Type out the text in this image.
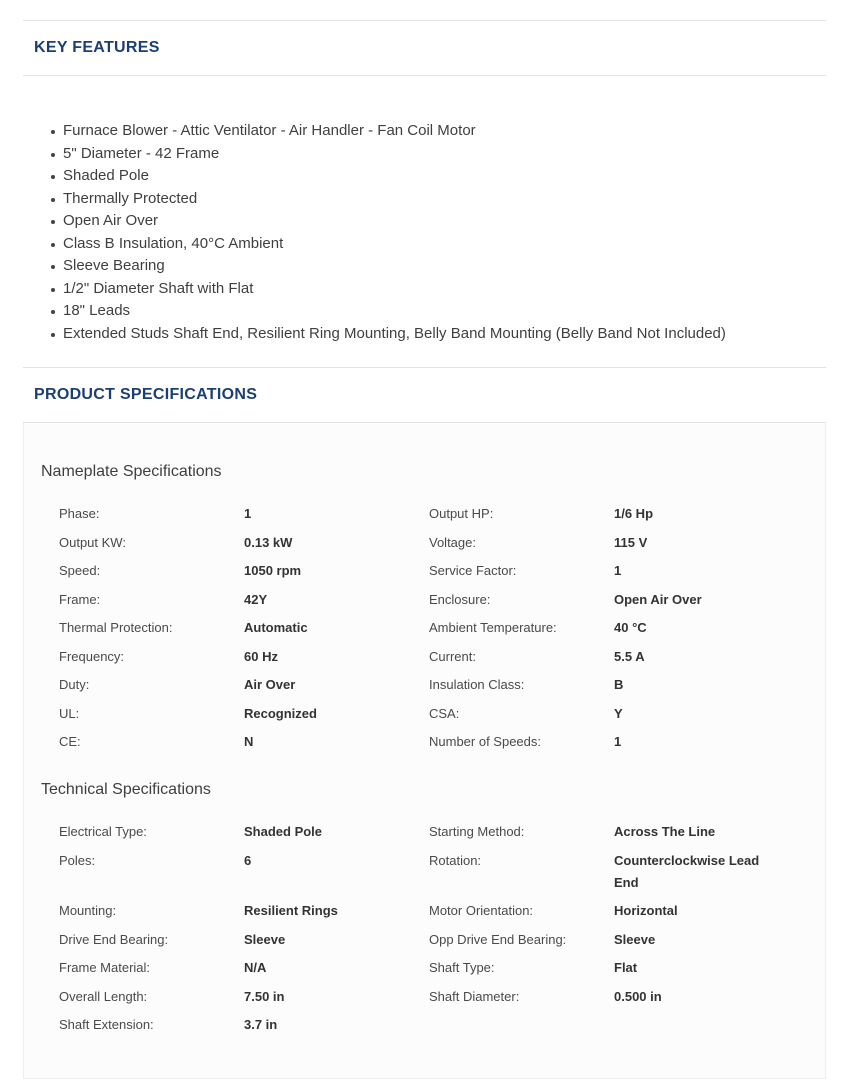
KEY FEATURES
Furnace Blower - Attic Ventilator - Air Handler - Fan Coil Motor
5" Diameter - 42 Frame
Shaded Pole
Thermally Protected
Open Air Over
Class B Insulation, 40°C Ambient
Sleeve Bearing
1/2" Diameter Shaft with Flat
18" Leads
Extended Studs Shaft End, Resilient Ring Mounting, Belly Band Mounting (Belly Band Not Included)
PRODUCT SPECIFICATIONS
Nameplate Specifications
Phase:	1	Output HP:	1/6 Hp
Output KW:	0.13 kW	Voltage:	115 V
Speed:	1050 rpm	Service Factor:	1
Frame:	42Y	Enclosure:	Open Air Over
Thermal Protection:	Automatic	Ambient Temperature:	40 °C
Frequency:	60 Hz	Current:	5.5 A
Duty:	Air Over	Insulation Class:	B
UL:	Recognized	CSA:	Y
CE:	N	Number of Speeds:	1
Technical Specifications
Electrical Type:	Shaded Pole	Starting Method:	Across The Line
Poles:	6	Rotation:	Counterclockwise Lead End
Mounting:	Resilient Rings	Motor Orientation:	Horizontal
Drive End Bearing:	Sleeve	Opp Drive End Bearing:	Sleeve
Frame Material:	N/A	Shaft Type:	Flat
Overall Length:	7.50 in	Shaft Diameter:	0.500 in
Shaft Extension:	3.7 in
